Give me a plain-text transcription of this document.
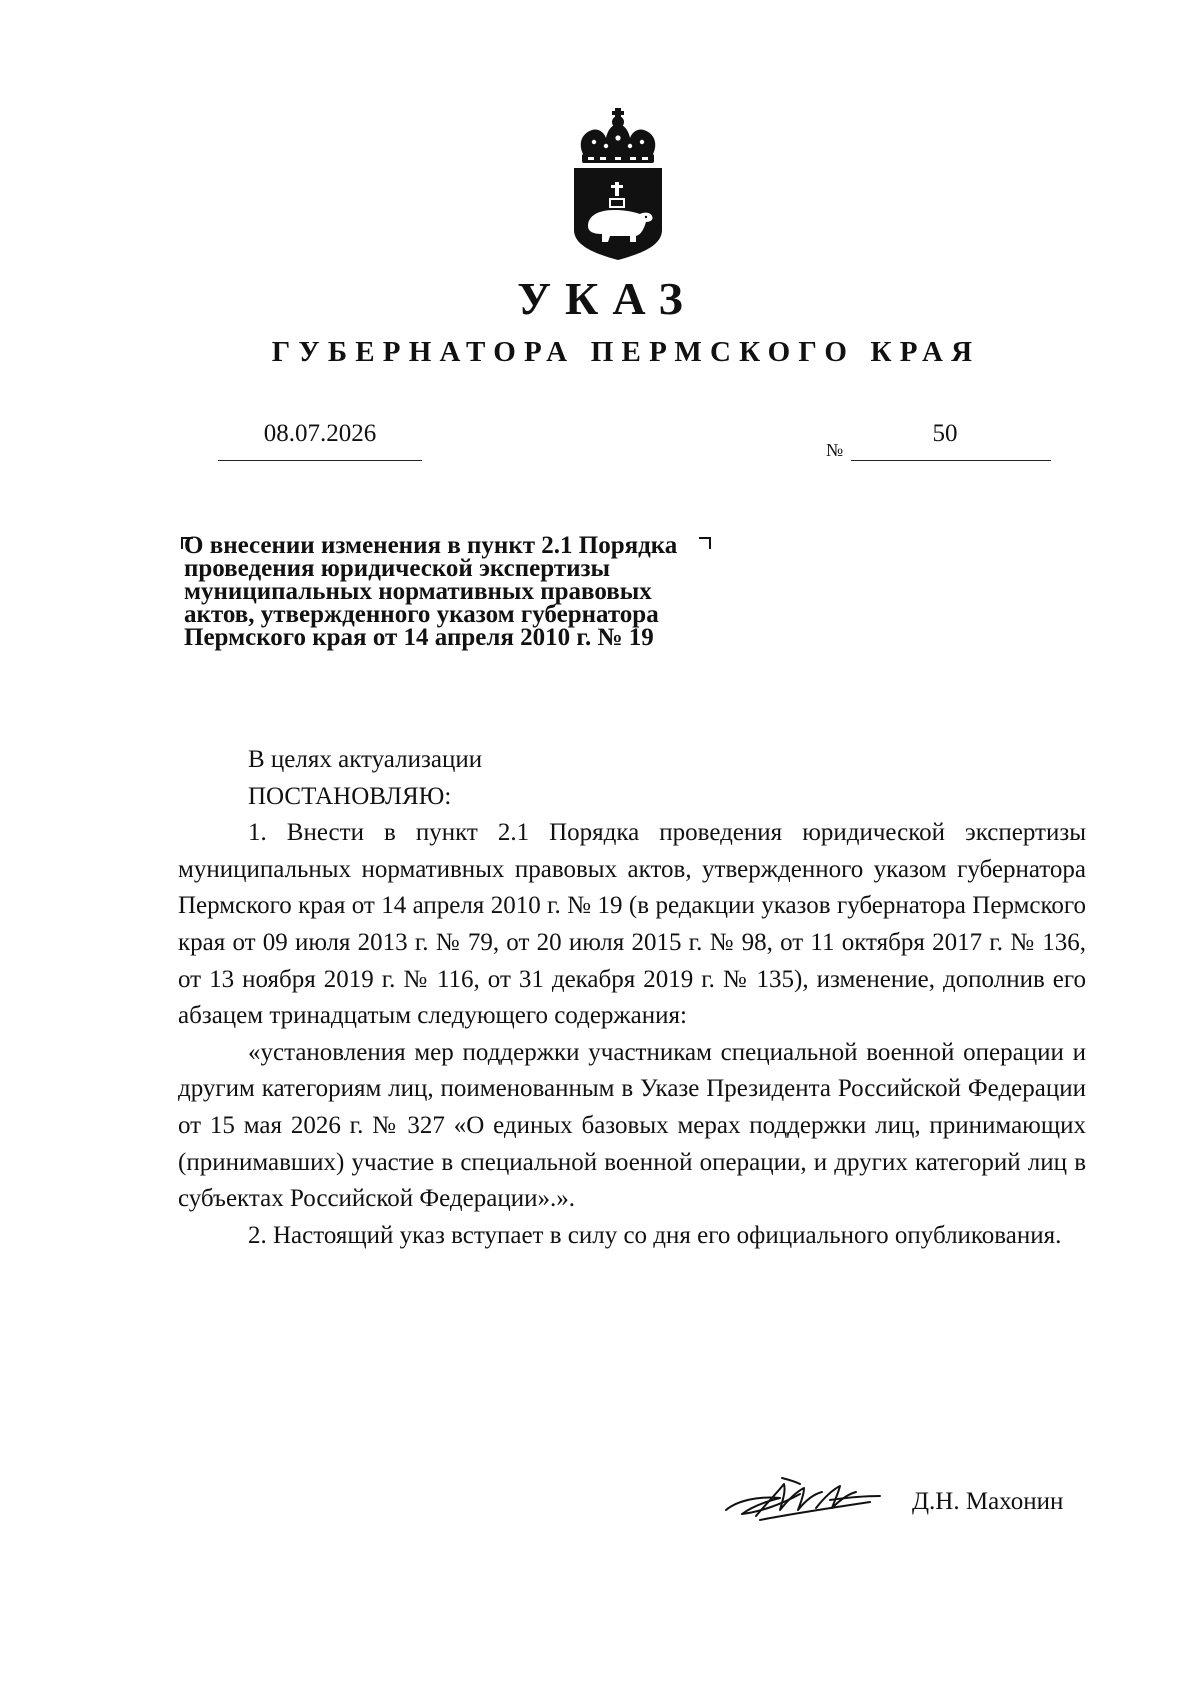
УКАЗ
ГУБЕРНАТОРА ПЕРМСКОГО КРАЯ
08.07.2026
№
50
О внесении изменения в пункт 2.1 Порядка
проведения юридической экспертизы
муниципальных нормативных правовых
актов, утвержденного указом губернатора
Пермского края от 14 апреля 2010 г. № 19

В целях актуализации

ПОСТАНОВЛЯЮ:

1. Внести в пункт 2.1 Порядка проведения юридической экспертизы муниципальных нормативных правовых актов, утвержденного указом губернатора Пермского края от 14 апреля 2010 г. № 19 (в редакции указов губернатора Пермского края от 09 июля 2013 г. № 79, от 20 июля 2015 г. № 98, от 11 октября 2017 г. № 136, от 13 ноября 2019 г. № 116, от 31 декабря 2019 г. № 135), изменение, дополнив его абзацем тринадцатым следующего содержания:

«установления мер поддержки участникам специальной военной операции и другим категориям лиц, поименованным в Указе Президента Российской Федерации от 15 мая 2026 г. № 327 «О единых базовых мерах поддержки лиц, принимающих (принимавших) участие в специальной военной операции, и других категорий лиц в субъектах Российской Федерации».».

2. Настоящий указ вступает в силу со дня его официального опубликования.

Д.Н. Махонин
